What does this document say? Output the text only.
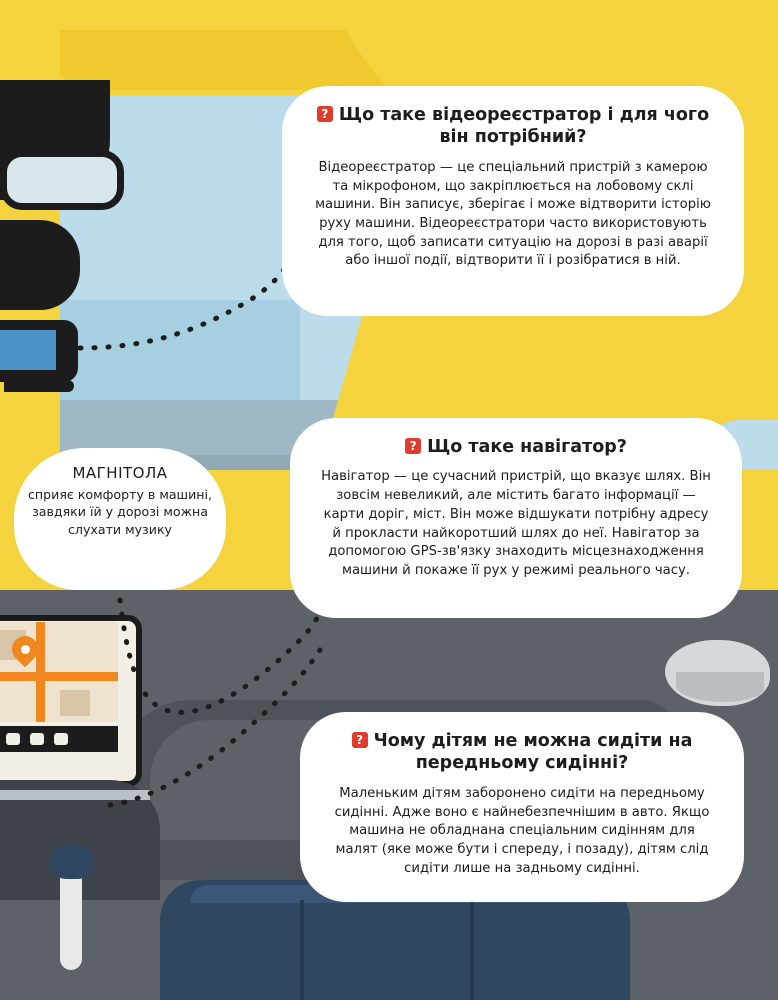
? Що таке відеореєстратор і для чого він потрібний?

Відеореєстратор — це спеціальний пристрій з камерою та мікрофоном, що закріплюється на лобовому склі машини. Він записує, зберігає і може відтворити історію руху машини. Відеореєстратори часто використовують для того, щоб записати ситуацію на дорозі в разі аварії або іншої події, відтворити її і розібратися в ній.

? Що таке навігатор?

Навігатор — це сучасний пристрій, що вказує шлях. Він зовсім невеликий, але містить багато інформації — карти доріг, міст. Він може відшукати потрібну адресу й прокласти найкоротший шлях до неї. Навігатор за допомогою GPS-зв'язку знаходить місцезнаходження машини й покаже її рух у режимі реального часу.

? Чому дітям не можна сидіти на передньому сидінні?

Маленьким дітям заборонено сидіти на передньому сидінні. Адже воно є найнебезпечнішим в авто. Якщо машина не обладнана спеціальним сидінням для малят (яке може бути і спереду, і позаду), дітям слід сидіти лише на задньому сидінні.

МАГНІТОЛА

сприяє комфорту в машині, завдяки їй у дорозі можна слухати музику
